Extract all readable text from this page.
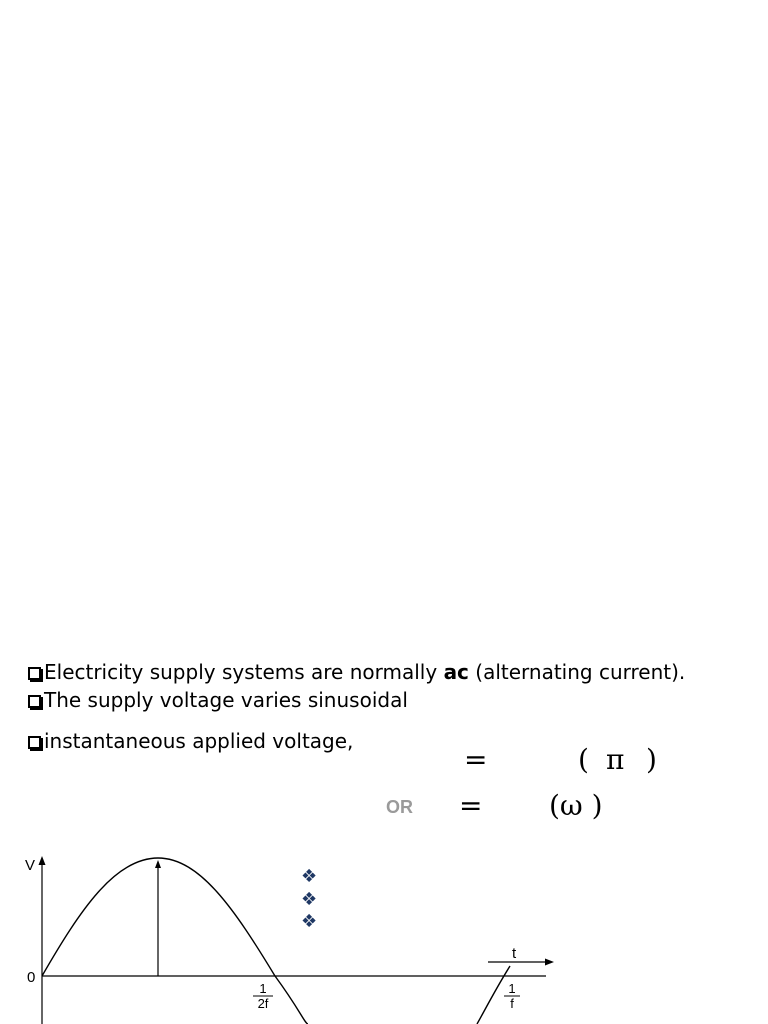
Electricity supply systems are normally ac (alternating current).
The supply voltage varies sinusoidal
instantaneous applied voltage,
=	( π )
OR = (ω )
❖
❖
❖
V
t
0
1
2f
1
f
